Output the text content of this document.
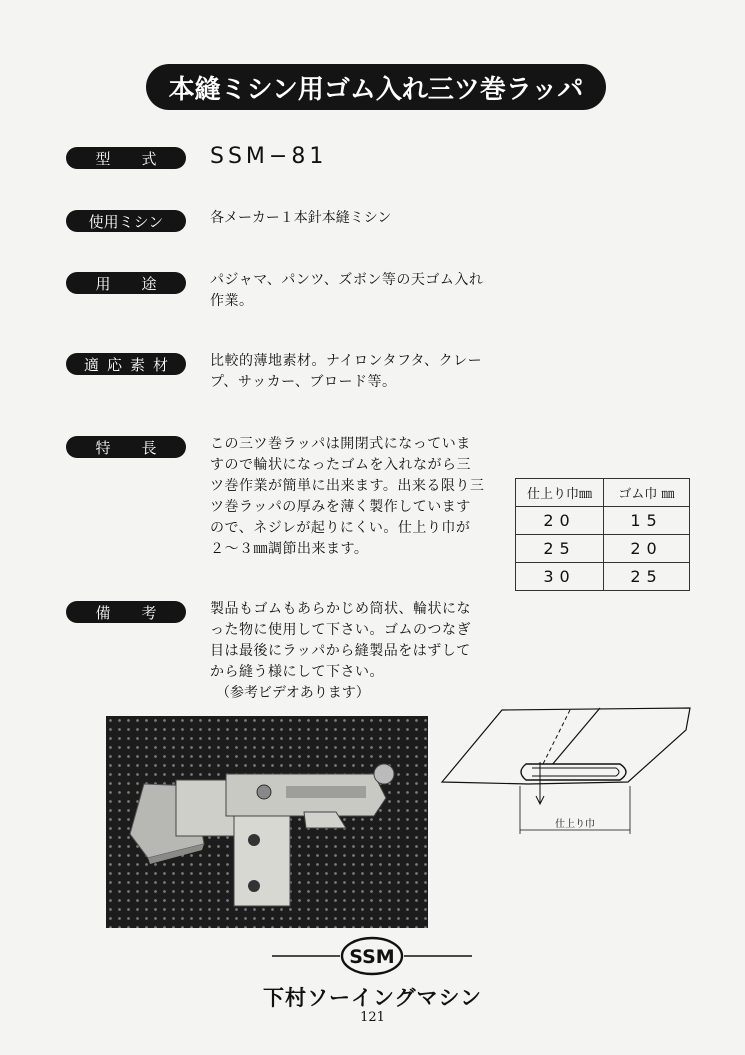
本縫ミシン用ゴム入れ三ツ巻ラッパ
型 式 SSM−81
使用ミシン	各メーカー１本針本縫ミシン
用 途	パジャマ、パンツ、ズボン等の天ゴム入れ作業。
適 応 素 材	比較的薄地素材。ナイロンタフタ、クレープ、サッカー、ブロード等。
特 長	この三ツ巻ラッパは開閉式になっていますので輪状になったゴムを入れながら三ツ巻作業が簡単に出来ます。出来る限り三ツ巻ラッパの厚みを薄く製作していますので、ネジレが起りにくい。仕上り巾が２〜３㎜調節出来ます。
仕上り巾㎜	ゴム巾 ㎜
20	15
25	20
30	25
備 考	製品もゴムもあらかじめ筒状、輪状になった物に使用して下さい。ゴムのつなぎ目は最後にラッパから縫製品をはずしてから縫う様にして下さい。
（参考ビデオあります）
仕上り巾
SSM
下村ソーイングマシン
121
